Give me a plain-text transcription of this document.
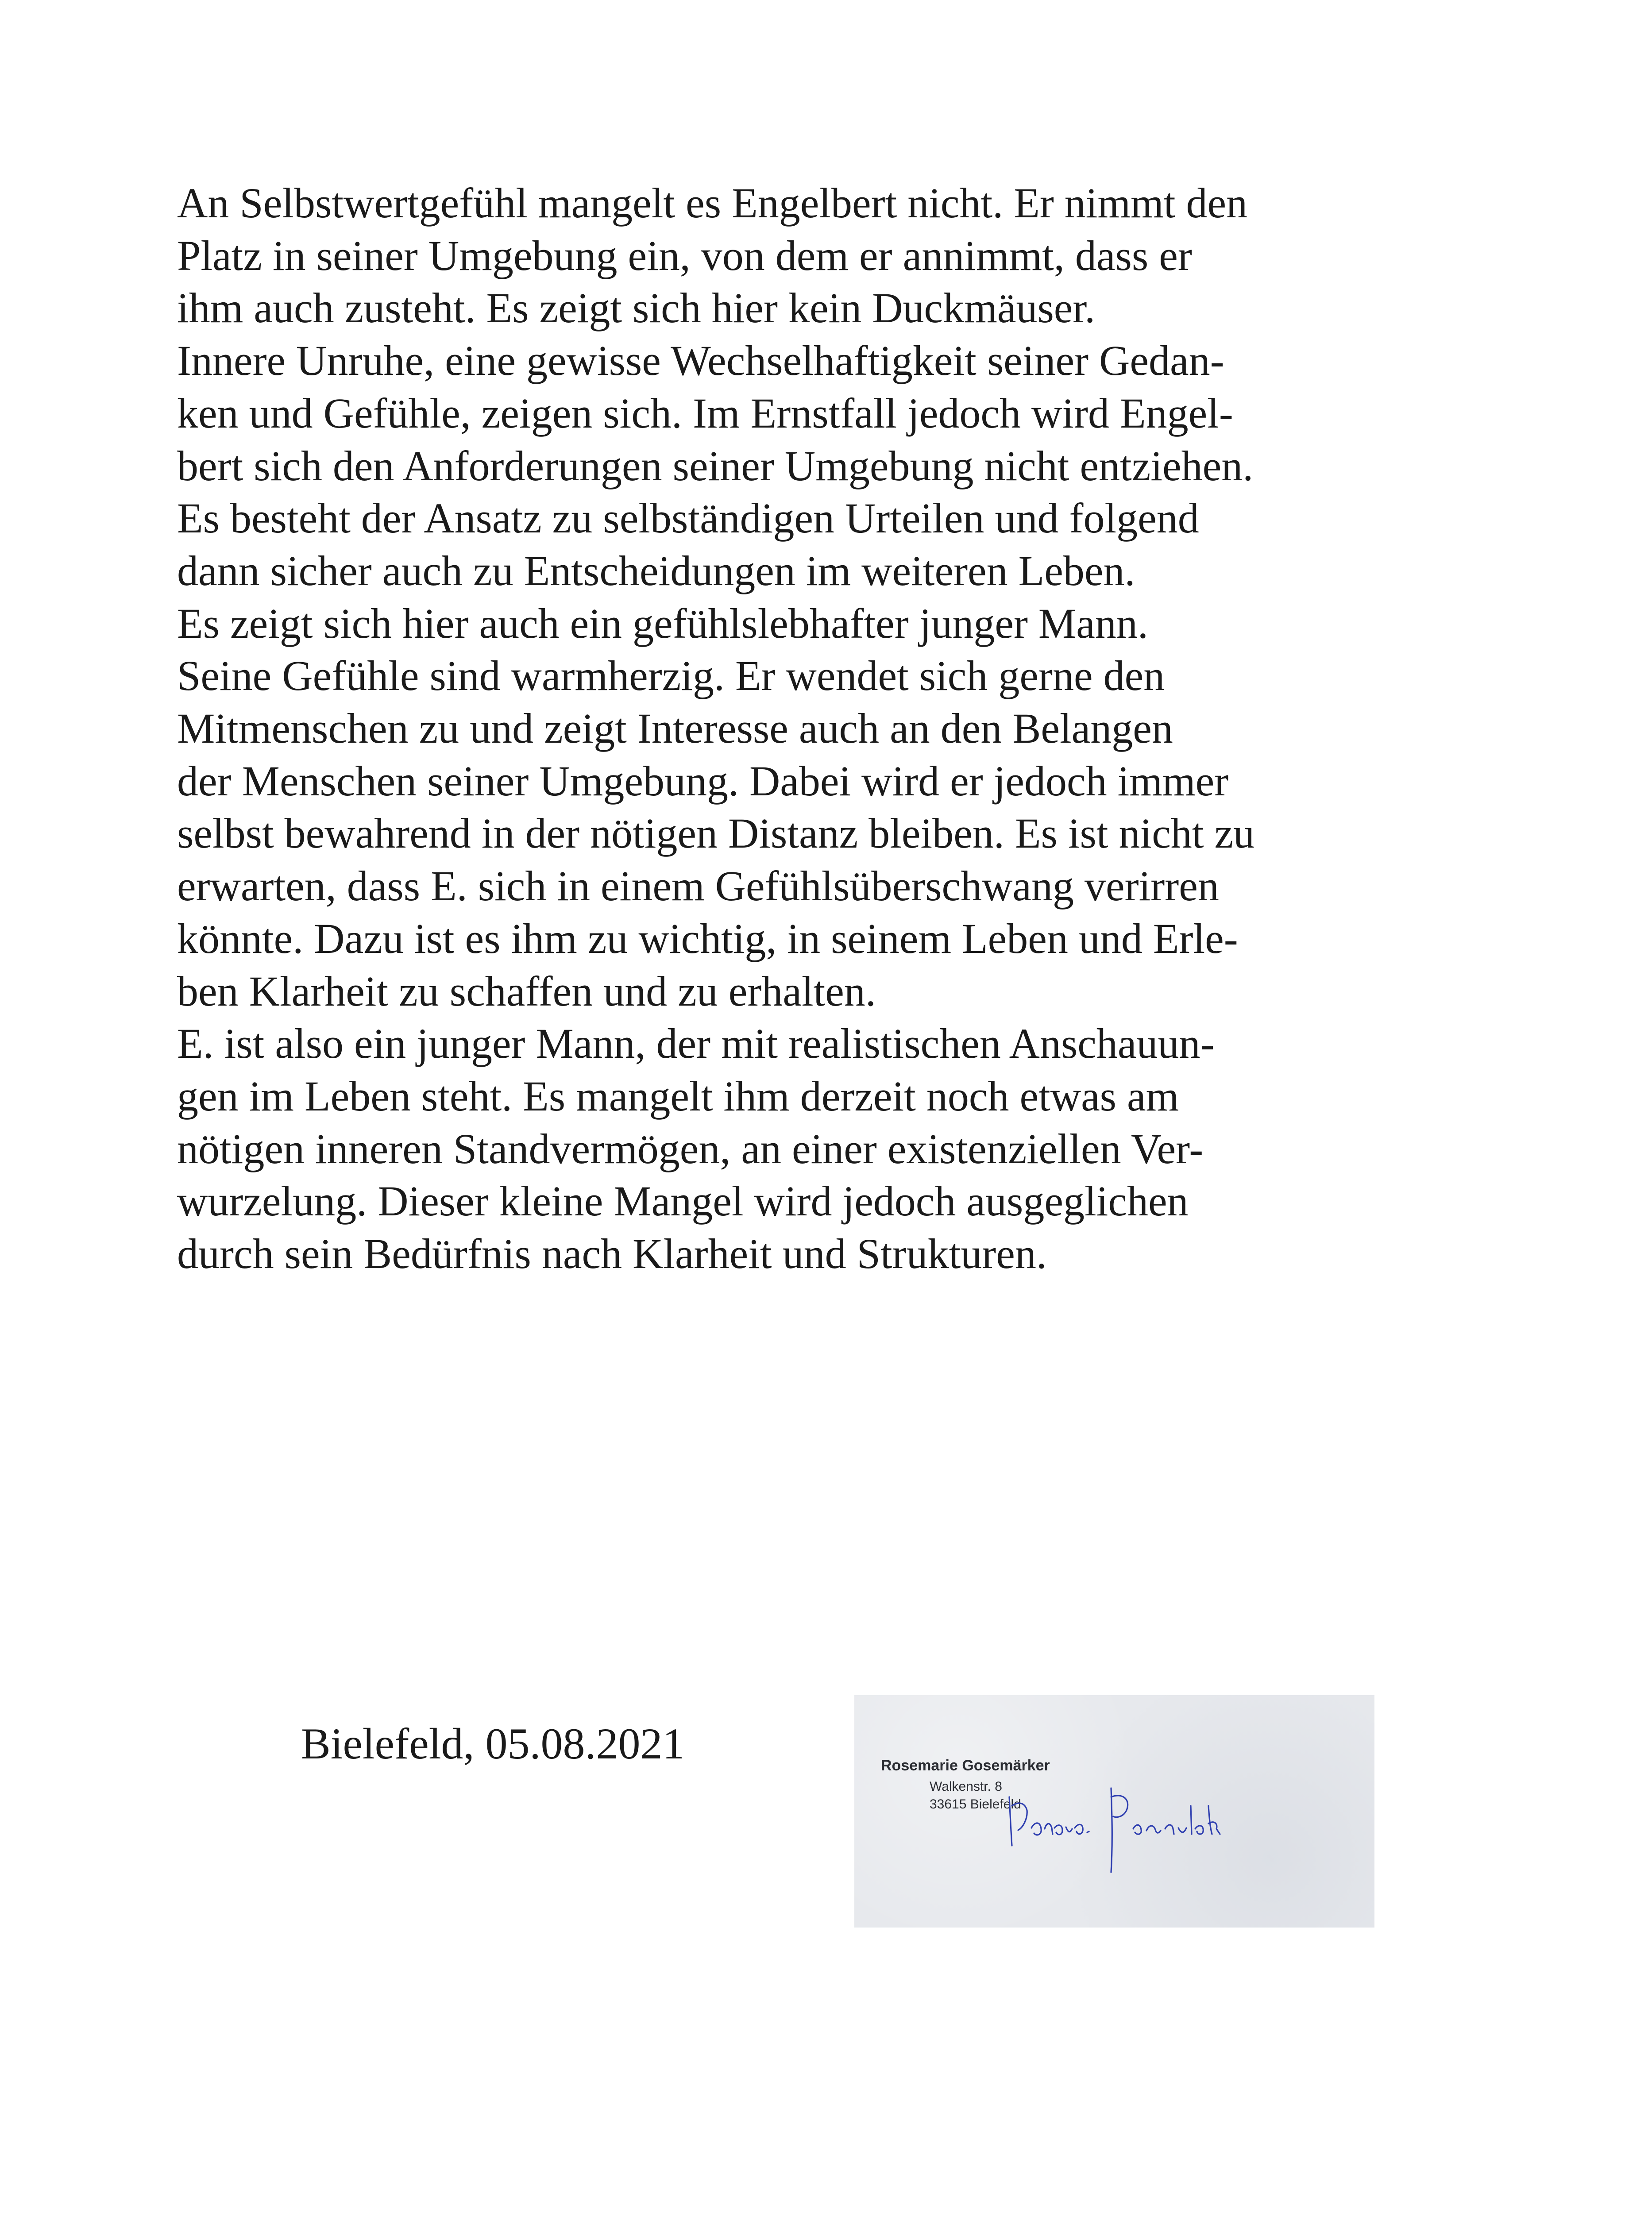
An Selbstwertgefühl mangelt es Engelbert nicht. Er nimmt den
Platz in seiner Umgebung ein, von dem er annimmt, dass er
ihm auch zusteht. Es zeigt sich hier kein Duckmäuser.
Innere Unruhe, eine gewisse Wechselhaftigkeit seiner Gedan-
ken und Gefühle, zeigen sich. Im Ernstfall jedoch wird Engel-
bert sich den Anforderungen seiner Umgebung nicht entziehen.
Es besteht der Ansatz zu selbständigen Urteilen und folgend
dann sicher auch zu Entscheidungen im weiteren Leben.
Es zeigt sich hier auch ein gefühlslebhafter junger Mann.
Seine Gefühle sind warmherzig. Er wendet sich gerne den
Mitmenschen zu und zeigt Interesse auch an den Belangen
der Menschen seiner Umgebung. Dabei wird er jedoch immer
selbst bewahrend in der nötigen Distanz bleiben. Es ist nicht zu
erwarten, dass E. sich in einem Gefühlsüberschwang verirren
könnte. Dazu ist es ihm zu wichtig, in seinem Leben und Erle-
ben Klarheit zu schaffen und zu erhalten.
E. ist also ein junger Mann, der mit realistischen Anschauun-
gen im Leben steht. Es mangelt ihm derzeit noch etwas am
nötigen inneren Standvermögen, an einer existenziellen Ver-
wurzelung. Dieser kleine Mangel wird jedoch ausgeglichen
durch sein Bedürfnis nach Klarheit und Strukturen.
Bielefeld, 05.08.2021	Rosemarie Gosemärker
Walkenstr. 8
33615 Bielefeld
